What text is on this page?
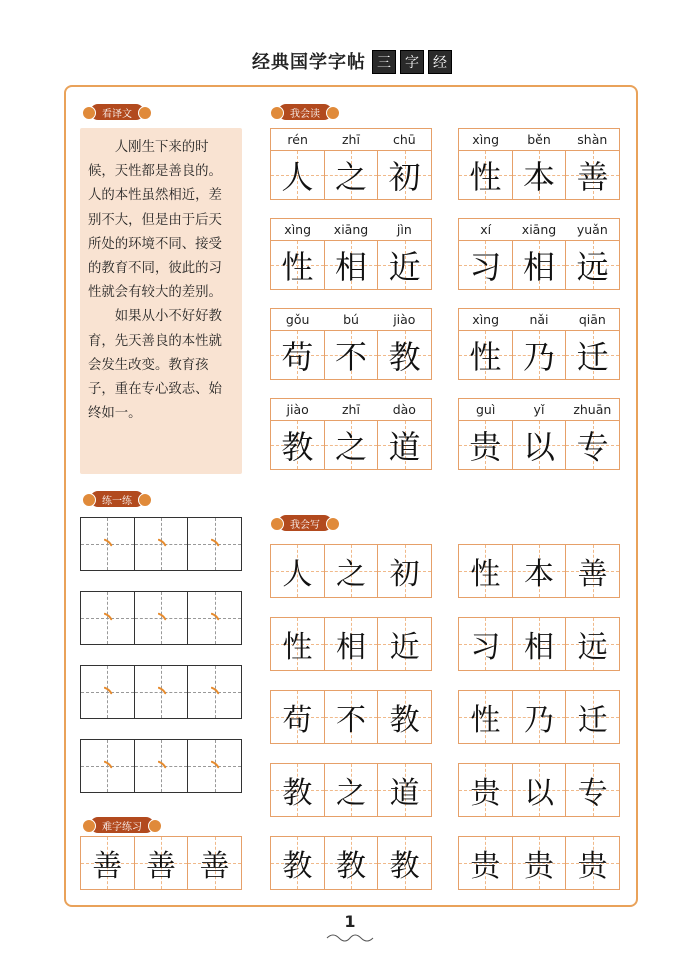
经典国学字帖 三	字	经
看译文	我会读
练一练
我会写
难字练习

人刚生下来的时候，天性都是善良的。人的本性虽然相近，差别不大，但是由于后天所处的环境不同、接受的教育不同，彼此的习性就会有较大的差别。

如果从小不好好教育，先天善良的本性就会发生改变。教育孩子，重在专心致志、始终如一。

rén	zhī	chū
人 之 初
xìng	běn	shàn
性 本 善
xìng	xiāng	jìn
性 相 近
xí	xiāng	yuǎn
习 相 远
gǒu	bú	jiào
苟 不 教
xìng	nǎi	qiān
性 乃 迁
jiào	zhī	dào
教 之 道
guì	yǐ	zhuān
贵 以 专
人 之 初 性 本 善
性 相 近 习 相 远
苟 不 教 性 乃 迁
教 之 道 贵 以 专
教 教 教 贵 贵 贵
善 善 善
1
